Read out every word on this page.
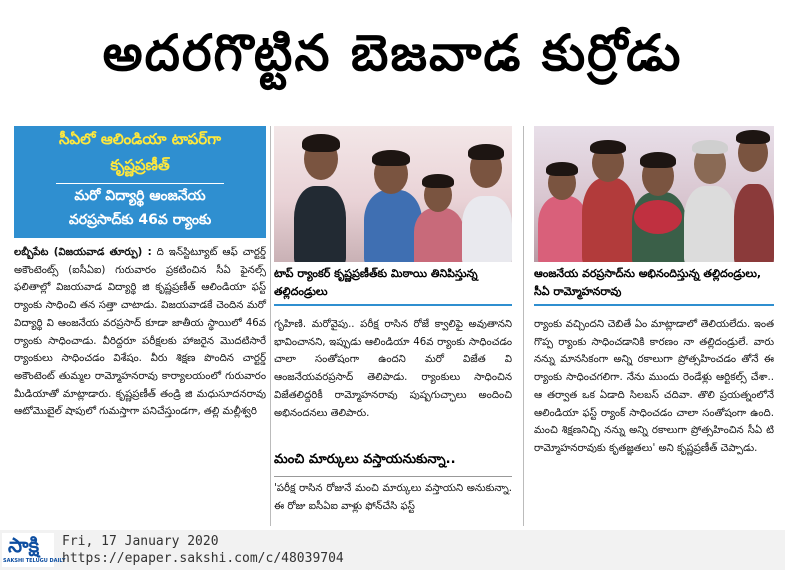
అదరగొట్టిన బెజవాడ కుర్రోడు
సీఏలో ఆలిండియా టాపర్‌గా
కృష్ణప్రణీత్
మరో విద్యార్థి ఆంజనేయ
వరప్రసాద్‌కు 46వ ర్యాంకు
టాప్ ర్యాంకర్ కృష్ణప్రణీత్‌కు మిఠాయి తినిపిస్తున్న తల్లిదండ్రులు
ఆంజనేయ వరప్రసాద్‌ను అభినందిస్తున్న తల్లిదండ్రులు, సీఏ రామ్మోహనరావు

లబ్బీపేట (విజయవాడ తూర్పు) : ది ఇన్‌స్టిట్యూట్ ఆఫ్ చార్టర్డ్ అకౌంటెంట్స్ (ఐసీఏఐ) గురువారం ప్రకటించిన సీఏ ఫైనల్స్ ఫలితాల్లో విజయవాడ విద్యార్థి జి కృష్ణప్రణీత్ ఆలిండియా ఫస్ట్ ర్యాంకు సాధించి తన సత్తా చాటాడు. విజయవాడకే చెందిన మరో విద్యార్థి వి ఆంజనేయ వరప్రసాద్ కూడా జాతీయ స్థాయిలో 46వ ర్యాంకు సాధించాడు. వీరిద్దరూ పరీక్షలకు హాజరైన మొదటిసారే ర్యాంకులు సాధించడం విశేషం. వీరు శిక్షణ పొందిన చార్టర్డ్ అకౌంటెంట్ తుమ్మల రామ్మోహనరావు కార్యాలయంలో గురువారం మీడియాతో మాట్లాడారు. కృష్ణప్రణీత్ తండ్రి జి మధుసూదనరావు ఆటోమొబైల్ షాపులో గుమస్తాగా పనిచేస్తుండగా, తల్లి మల్లీశ్వరి

గృహిణి. మరోవైపు.. పరీక్ష రాసిన రోజే క్వాలిఫై అవుతానని భావించానని, ఇప్పుడు ఆలిండియా 46వ ర్యాంకు సాధించడం చాలా సంతోషంగా ఉందని మరో విజేత వి ఆంజనేయవరప్రసాద్ తెలిపాడు. ర్యాంకులు సాధించిన విజేతలిద్దరికీ రామ్మోహనరావు పుష్పగుచ్ఛాలు అందించి అభినందనలు తెలిపారు.

మంచి మార్కులు వస్తాయనుకున్నా..

'పరీక్ష రాసిన రోజునే మంచి మార్కులు వస్తాయని అనుకున్నా. ఈ రోజు ఐసీఏఐ వాళ్లు ఫోన్‌చేసి ఫస్ట్

ర్యాంకు వచ్చిందని చెబితే ఏం మాట్లాడాలో తెలియలేదు. ఇంత గొప్ప ర్యాంకు సాధించడానికి కారణం నా తల్లిదండ్రులే. వారు నన్ను మానసికంగా అన్ని రకాలుగా ప్రోత్సహించడం తోనే ఈ ర్యాంకు సాధించగలిగా. నేను ముందు రెండేళ్లు ఆర్టికల్స్ చేశా.. ఆ తర్వాత ఒక ఏడాది సిలబస్ చదివా. తొలి ప్రయత్నంలోనే ఆలిండియా ఫస్ట్ ర్యాంక్ సాధించడం చాలా సంతోషంగా ఉంది. మంచి శిక్షణనిచ్చి నన్ను అన్ని రకాలుగా ప్రోత్సహించిన సీఏ టి రామ్మోహనరావుకు కృతజ్ఞతలు' అని కృష్ణప్రణీత్ చెప్పాడు.

సాక్షి
SAKSHI TELUGU DAILY
Fri, 17 January 2020
https://epaper.sakshi.com/c/48039704
